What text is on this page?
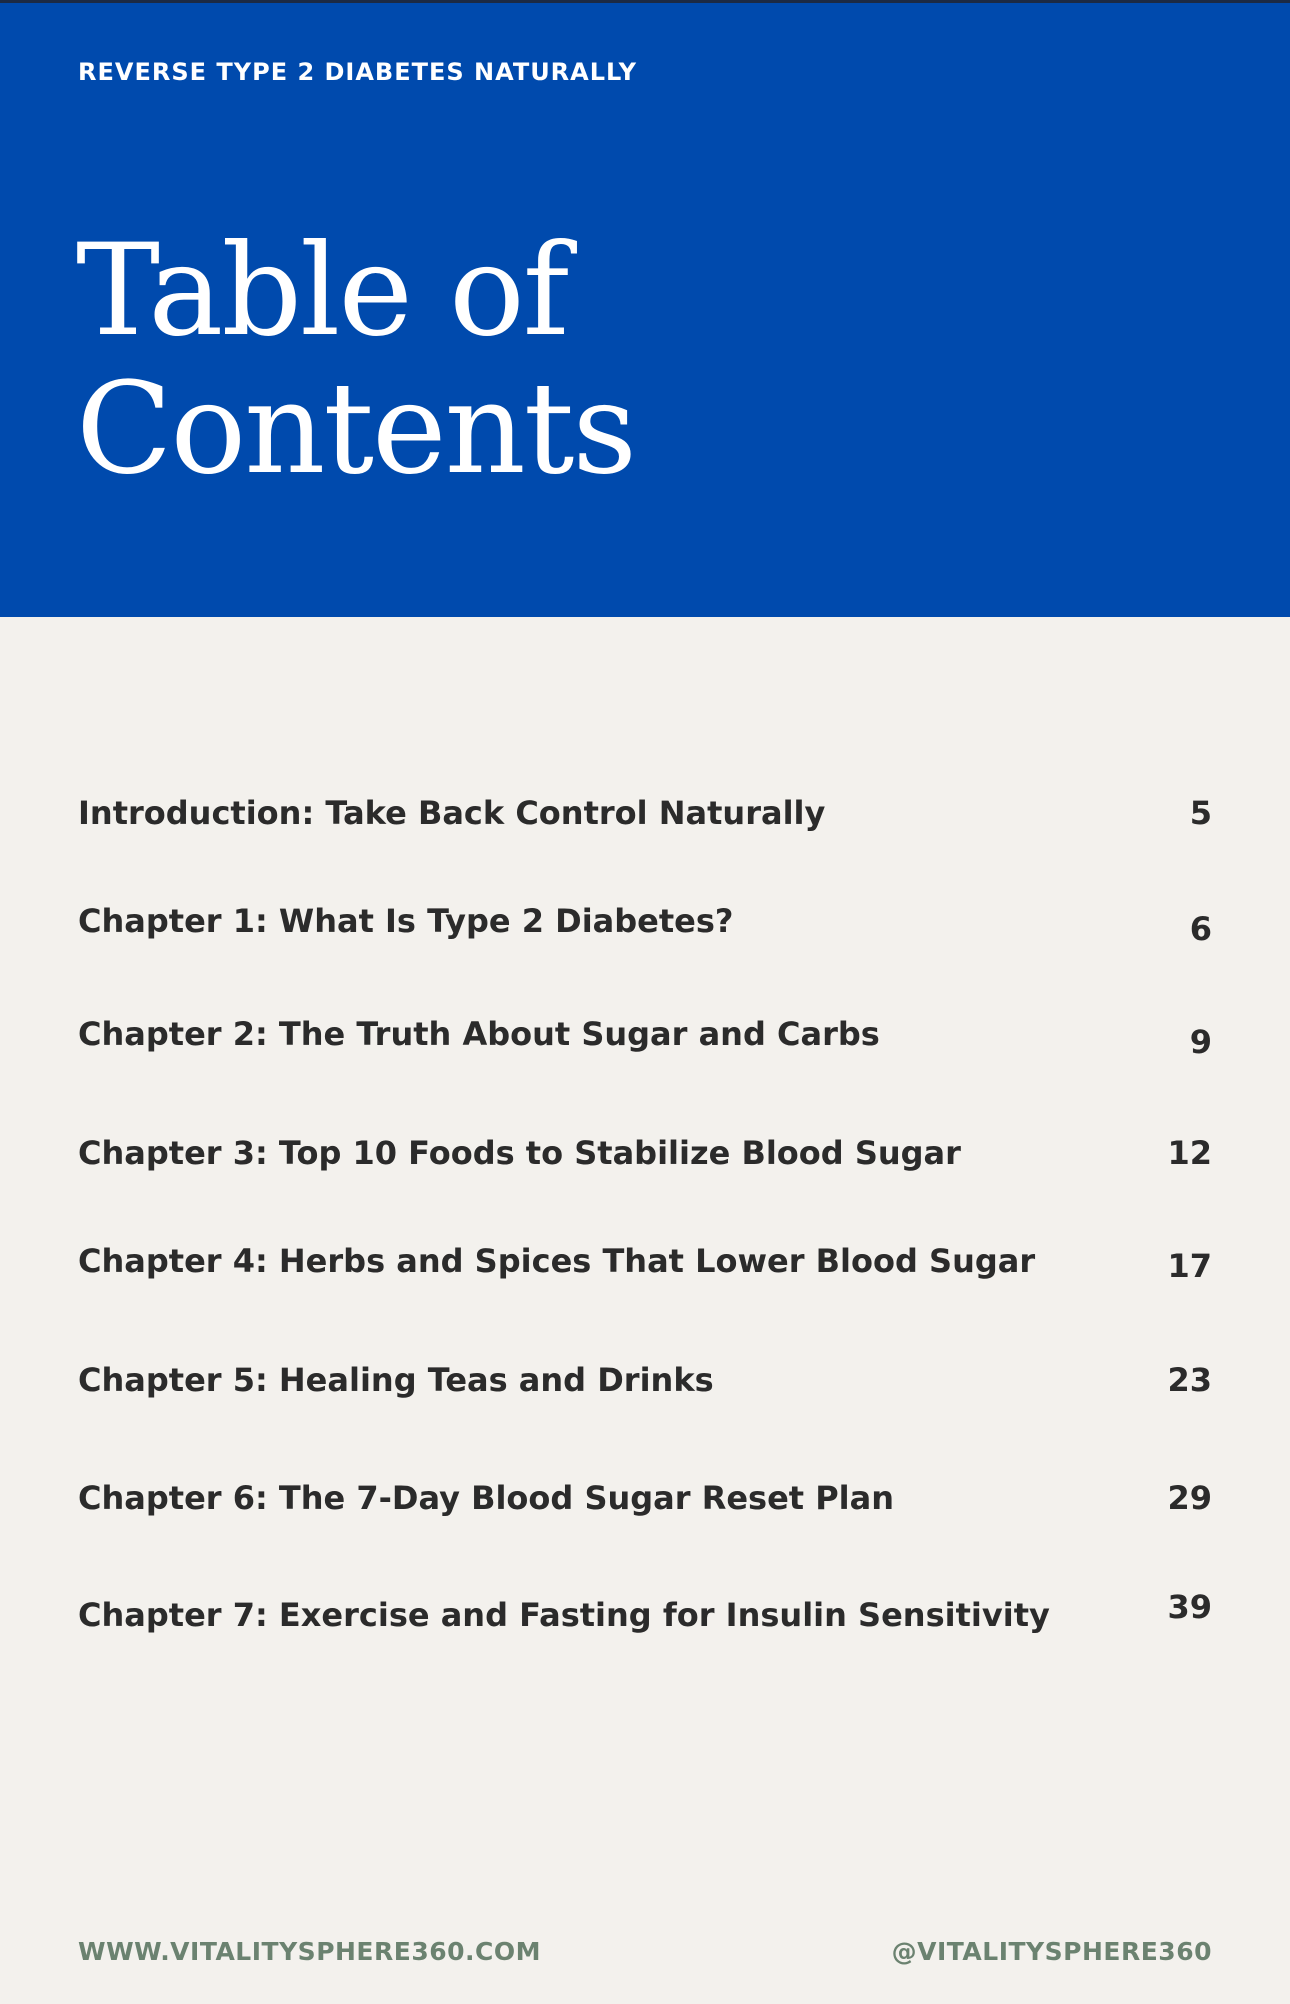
REVERSE TYPE 2 DIABETES NATURALLY
Table of
Contents
Introduction: Take Back Control Naturally	5
Chapter 1: What Is Type 2 Diabetes?	6
Chapter 2: The Truth About Sugar and Carbs	9
Chapter 3: Top 10 Foods to Stabilize Blood Sugar	12
Chapter 4: Herbs and Spices That Lower Blood Sugar	17
Chapter 5: Healing Teas and Drinks	23
Chapter 6: The 7-Day Blood Sugar Reset Plan	29
Chapter 7: Exercise and Fasting for Insulin Sensitivity	39
WWW.VITALITYSPHERE360.COM	@VITALITYSPHERE360
